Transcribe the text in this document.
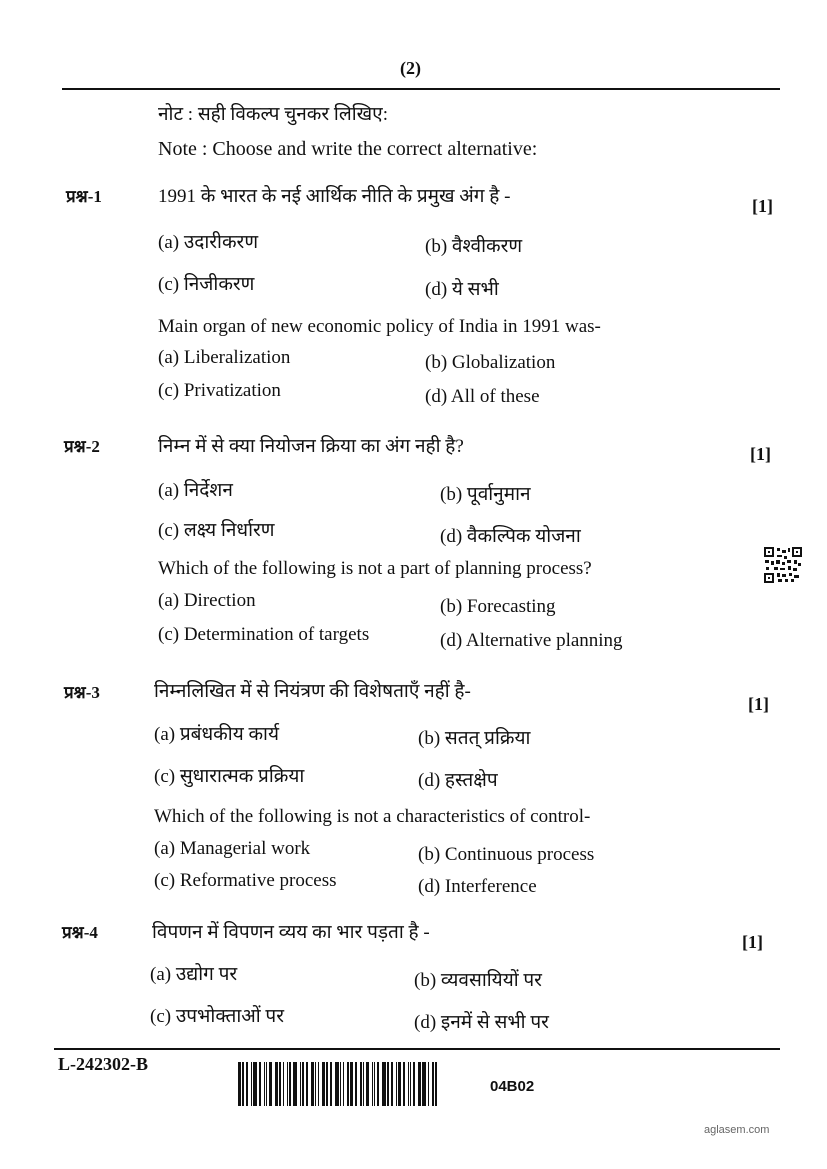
(2)
नोट : सही विकल्प चुनकर लिखिए:
Note : Choose and write the correct alternative:
प्रश्न-1	1991 के भारत के नई आर्थिक नीति के प्रमुख अंग है -	[1]
(a) उदारीकरण	(b) वैश्वीकरण
(c) निजीकरण	(d) ये सभी
Main organ of new economic policy of India in 1991 was-
(a) Liberalization	(b) Globalization
(c) Privatization	(d) All of these
प्रश्न-2	निम्न में से क्या नियोजन क्रिया का अंग नही है?	[1]
(a) निर्देशन	(b) पूर्वानुमान
(c) लक्ष्य निर्धारण	(d) वैकल्पिक योजना
Which of the following is not a part of planning process?
(a) Direction	(b) Forecasting
(c) Determination of targets	(d) Alternative planning
प्रश्न-3	निम्नलिखित में से नियंत्रण की विशेषताएँ नहीं है-
[1]
(a) प्रबंधकीय कार्य	(b) सतत् प्रक्रिया
(c) सुधारात्मक प्रक्रिया	(d) हस्तक्षेप
Which of the following is not a characteristics of control-
(a) Managerial work	(b) Continuous process
(c) Reformative process	(d) Interference
प्रश्न-4	विपणन में विपणन व्यय का भार पड़ता है -	[1]
(a) उद्योग पर	(b) व्यवसायियों पर
(c) उपभोक्ताओं पर	(d) इनमें से सभी पर
L-242302-B
04B02
aglasem.com
